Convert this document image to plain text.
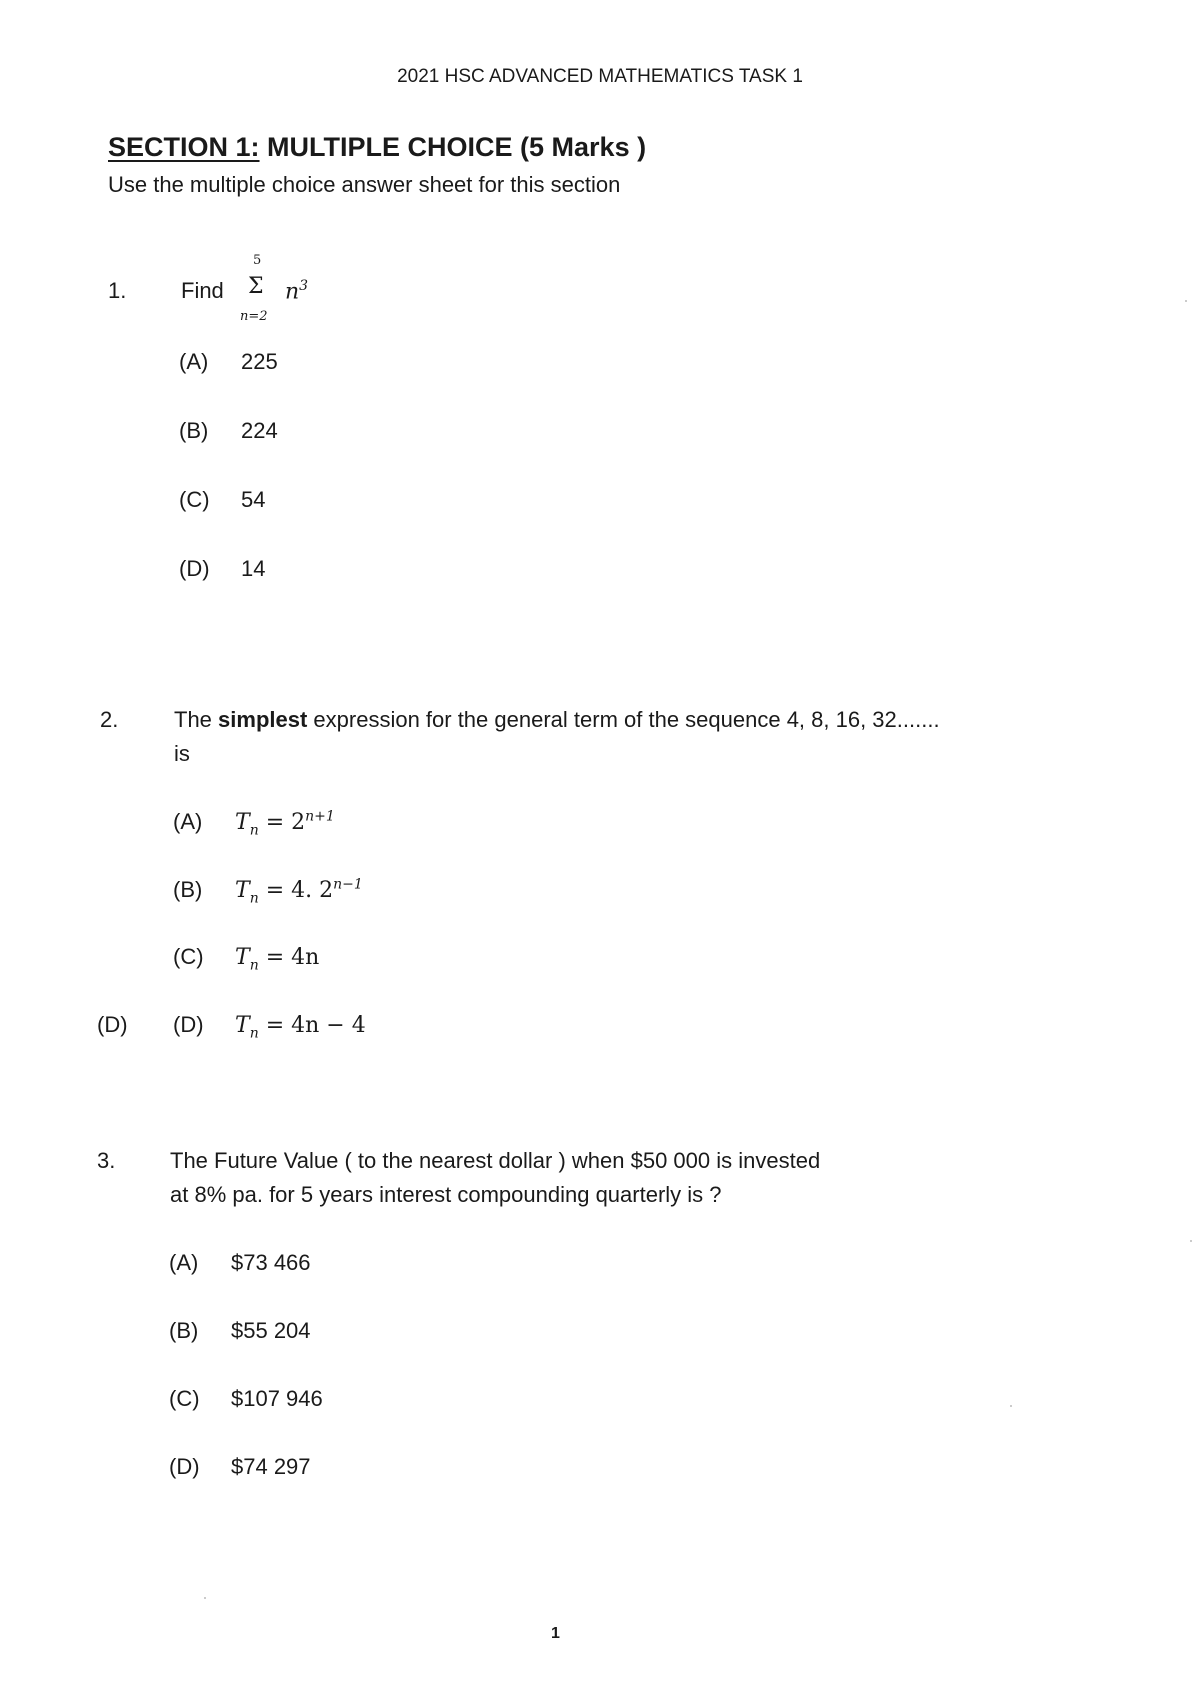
2021 HSC ADVANCED MATHEMATICS TASK 1
SECTION 1: MULTIPLE CHOICE (5 Marks )
Use the multiple choice answer sheet for this section
1. Find
5
Σ
n=2
$n^3$
(A) 225
(B) 224
(C) 54
(D) 14
2.	The simplest expression for the general term of the sequence 4, 8, 16, 32.......
is
(D)
(A) $T_n = 2^{n+1}$
(B) $T_n = 4$. $2^{n-1}$
(C) $T_n = 4n$
(D) $T_n = 4n - 4$
3. The Future Value ( to the nearest dollar ) when $50 000 is invested
at 8% pa. for 5 years interest compounding quarterly is ?
(A) $73 466
(B) $55 204
(C) $107 946
(D) $74 297
1
